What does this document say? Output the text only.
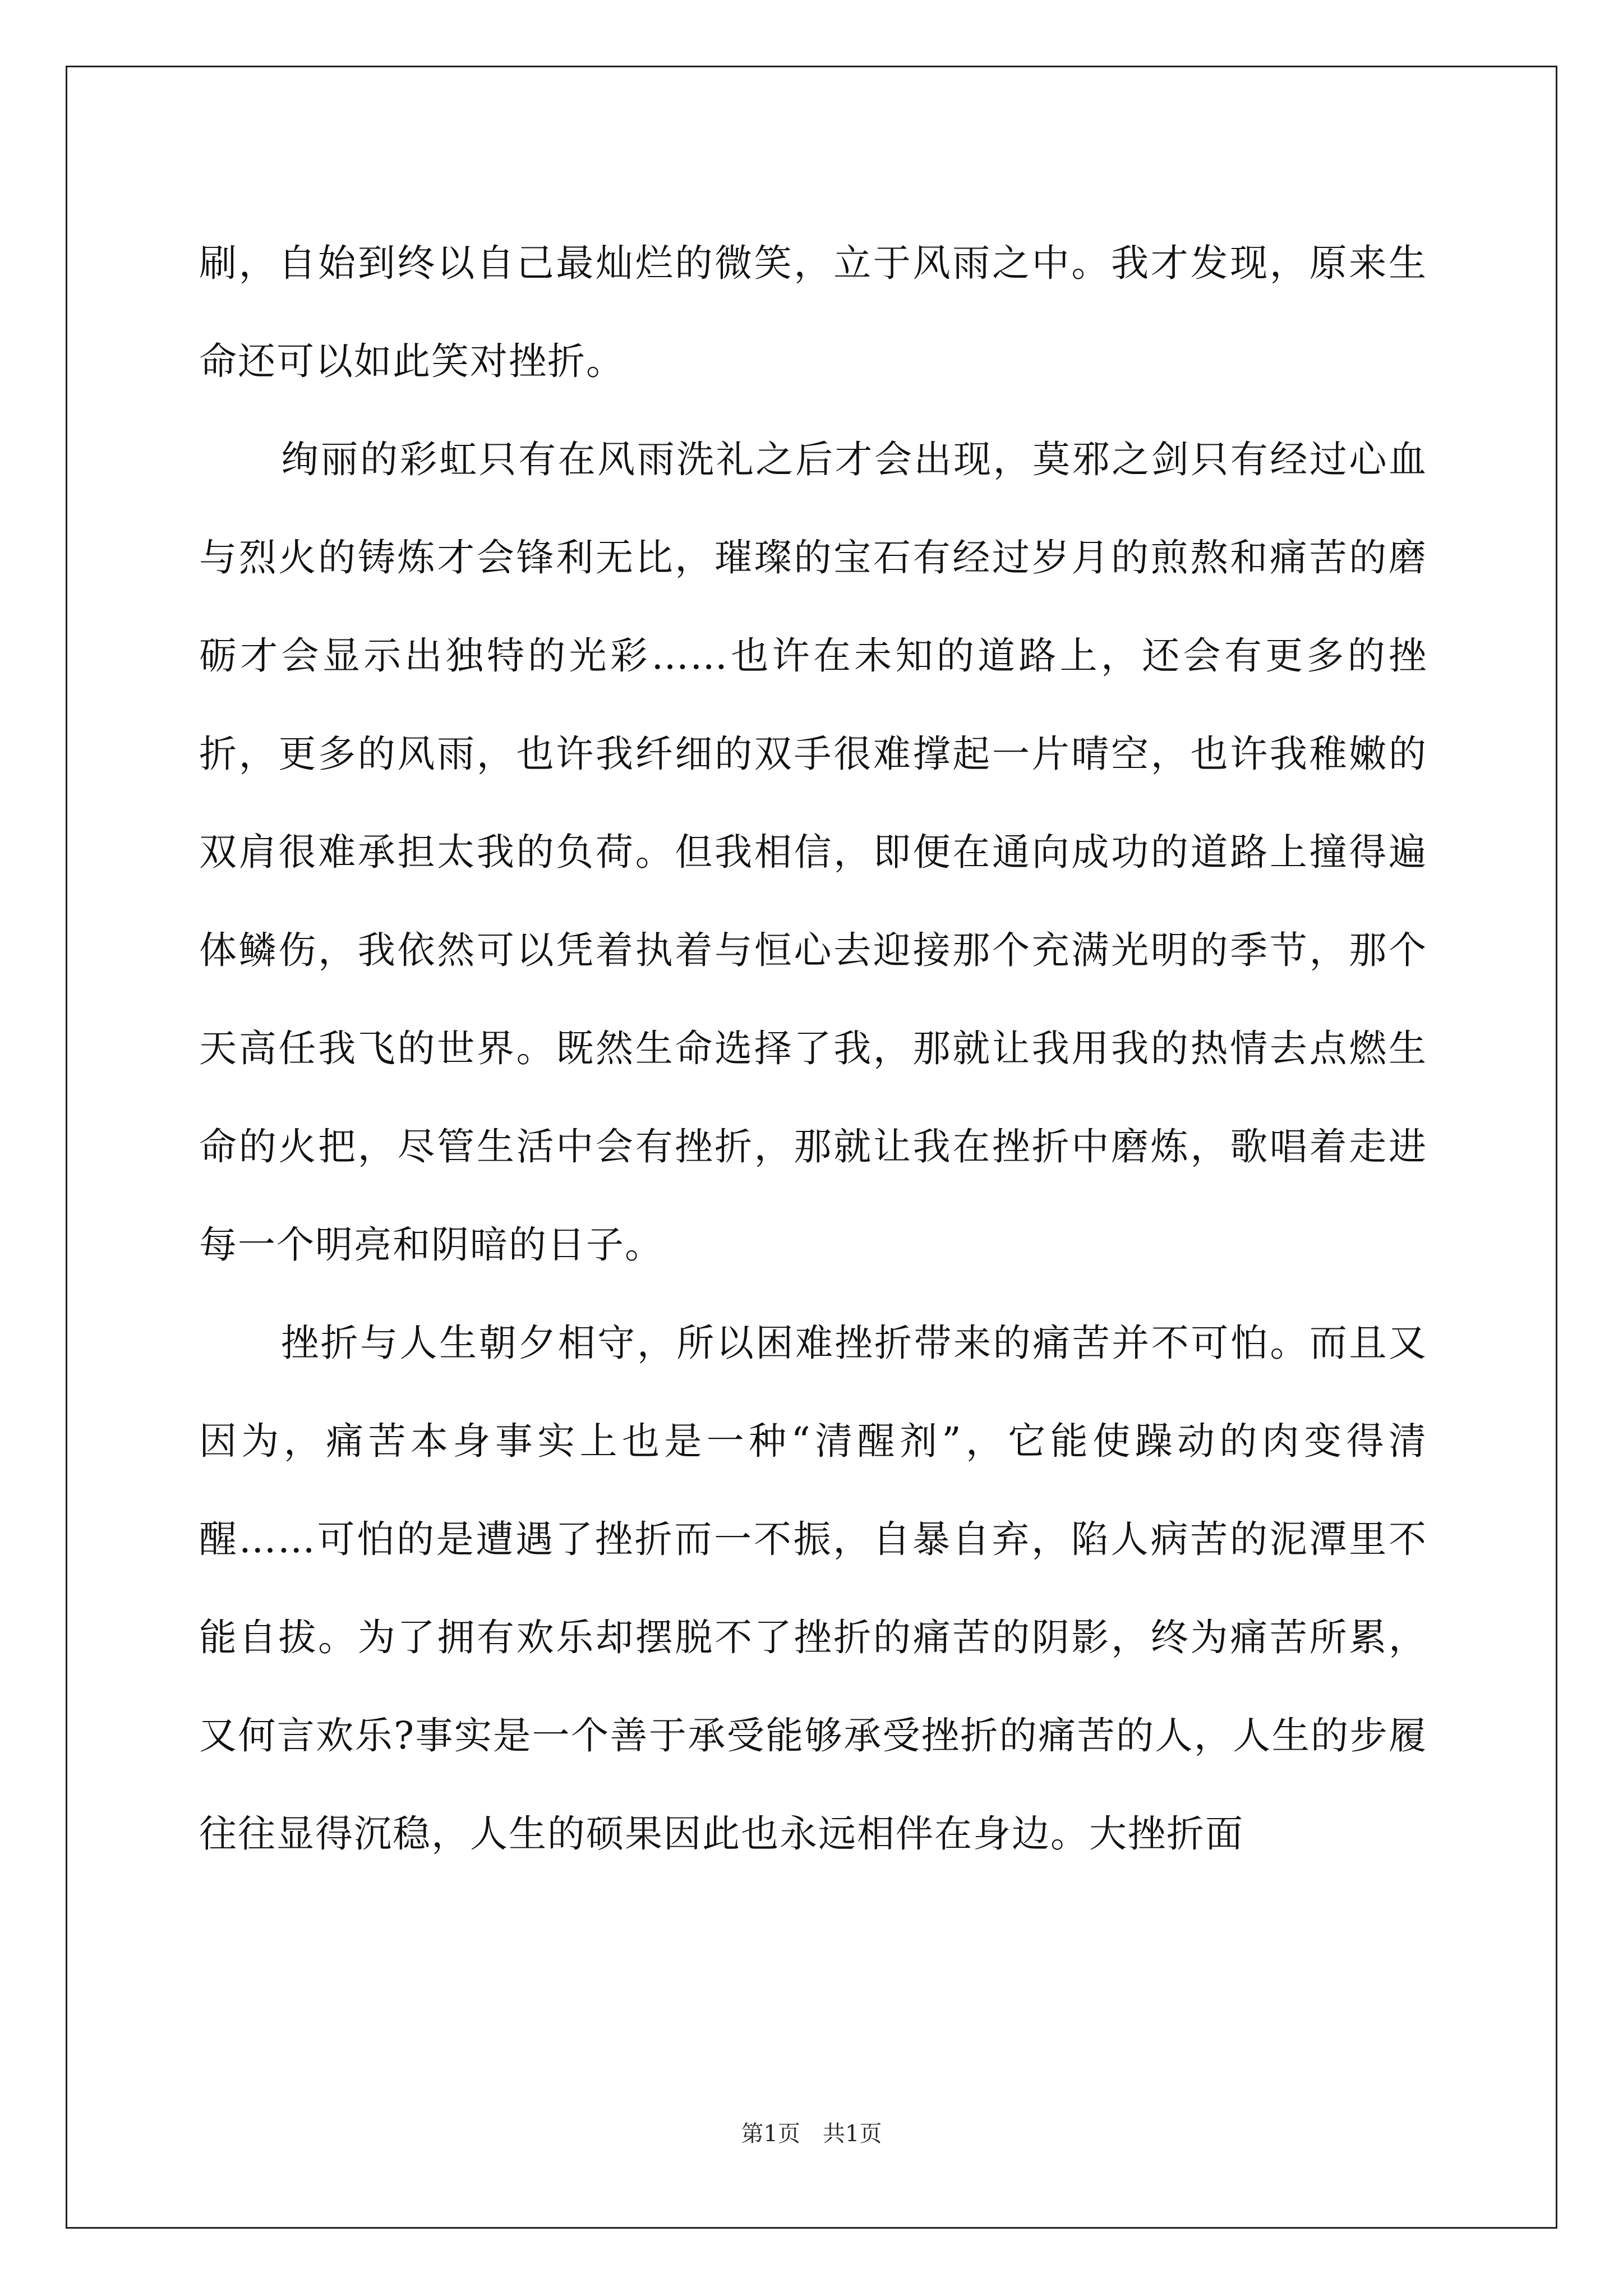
刷，自始到终以自己最灿烂的微笑，立于风雨之中。我才发现，原来生命还可以如此笑对挫折。

绚丽的彩虹只有在风雨洗礼之后才会出现，莫邪之剑只有经过心血与烈火的铸炼才会锋利无比，璀璨的宝石有经过岁月的煎熬和痛苦的磨砺才会显示出独特的光彩……也许在未知的道路上，还会有更多的挫折，更多的风雨，也许我纤细的双手很难撑起一片晴空，也许我稚嫩的双肩很难承担太我的负荷。但我相信，即便在通向成功的道路上撞得遍体鳞伤，我依然可以凭着执着与恒心去迎接那个充满光明的季节，那个天高任我飞的世界。既然生命选择了我，那就让我用我的热情去点燃生命的火把，尽管生活中会有挫折，那就让我在挫折中磨炼，歌唱着走进每一个明亮和阴暗的日子。

挫折与人生朝夕相守，所以困难挫折带来的痛苦并不可怕。而且又因为，痛苦本身事实上也是一种“清醒剂”，它能使躁动的肉变得清醒……可怕的是遭遇了挫折而一不振，自暴自弃，陷人病苦的泥潭里不能自拔。为了拥有欢乐却摆脱不了挫折的痛苦的阴影，终为痛苦所累，又何言欢乐?事实是一个善于承受能够承受挫折的痛苦的人，人生的步履往往显得沉稳，人生的硕果因此也永远相伴在身边。大挫折面

第1页　共1页
